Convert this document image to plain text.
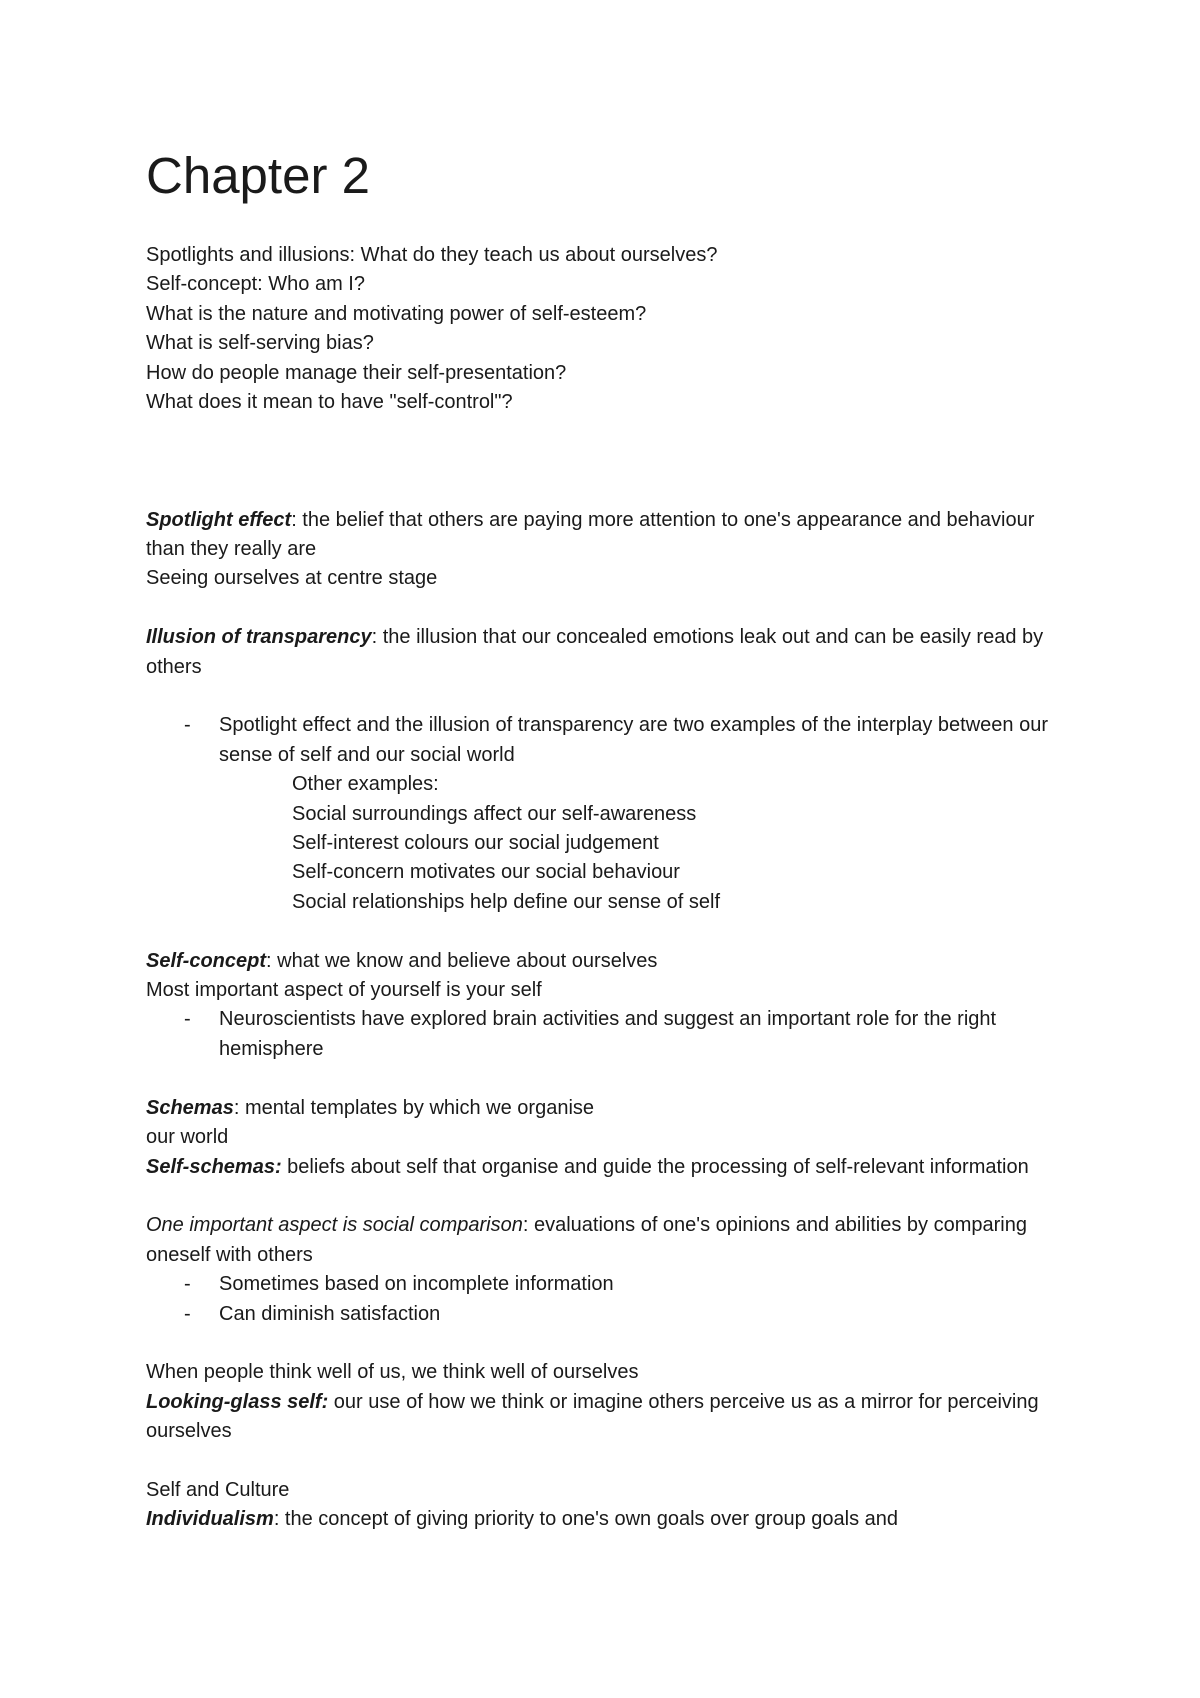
Chapter 2
Spotlights and illusions: What do they teach us about ourselves?
Self-concept: Who am I?
What is the nature and motivating power of self-esteem?
What is self-serving bias?
How do people manage their self-presentation?
What does it mean to have "self-control"?
Spotlight effect: the belief that others are paying more attention to one's appearance and behaviour than they really are
Seeing ourselves at centre stage
Illusion of transparency: the illusion that our concealed emotions leak out and can be easily read by others
- Spotlight effect and the illusion of transparency are two examples of the interplay between our sense of self and our social world
Other examples:
Social surroundings affect our self-awareness
Self-interest colours our social judgement
Self-concern motivates our social behaviour
Social relationships help define our sense of self
Self-concept: what we know and believe about ourselves
Most important aspect of yourself is your self
- Neuroscientists have explored brain activities and suggest an important role for the right hemisphere
Schemas: mental templates by which we organise
our world
Self-schemas: beliefs about self that organise and guide the processing of self-relevant information
One important aspect is social comparison: evaluations of one's opinions and abilities by comparing oneself with others
- Sometimes based on incomplete information
- Can diminish satisfaction
When people think well of us, we think well of ourselves
Looking-glass self: our use of how we think or imagine others perceive us as a mirror for perceiving ourselves
Self and Culture
Individualism: the concept of giving priority to one's own goals over group goals and
